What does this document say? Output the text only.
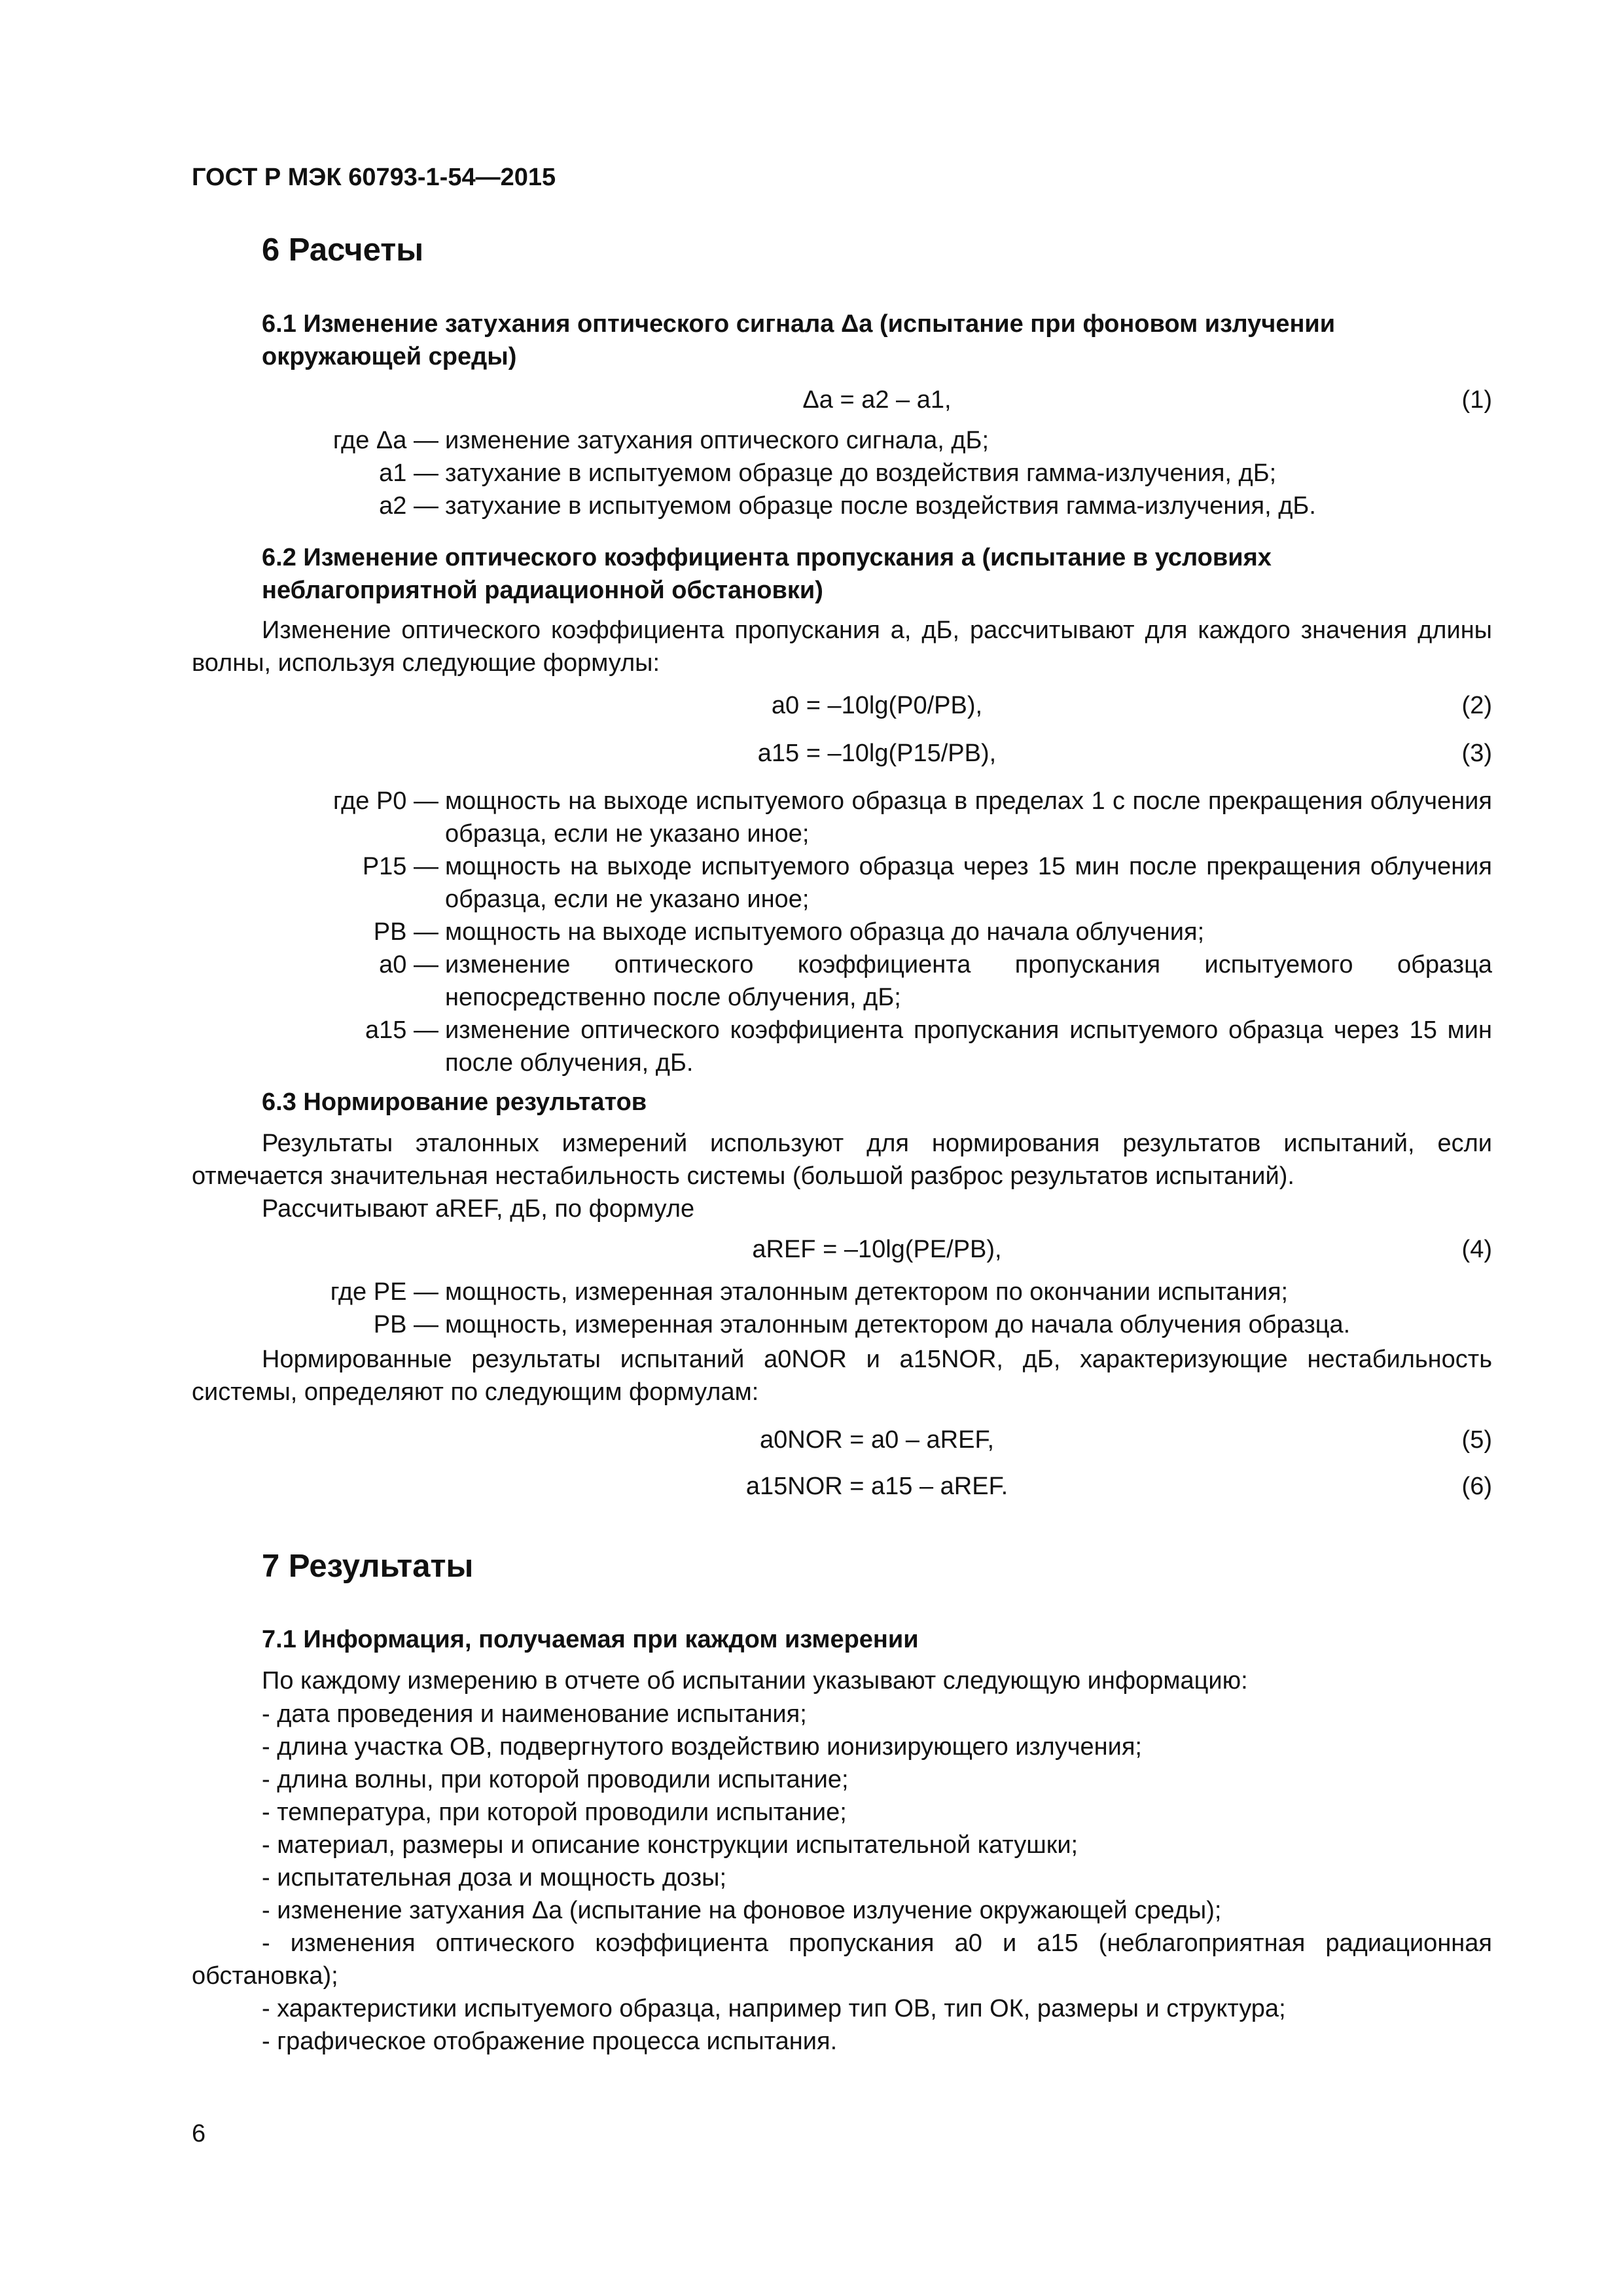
ГОСТ Р МЭК 60793-1-54—2015
6 Расчеты
6.1 Изменение затухания оптического сигнала Δa (испытание при фоновом излучении окружающей среды)
Δa = a2 – a1,	(1)
где Δa — изменение затухания оптического сигнала, дБ;
a1 — затухание в испытуемом образце до воздействия гамма-излучения, дБ;
a2 — затухание в испытуемом образце после воздействия гамма-излучения, дБ.
6.2 Изменение оптического коэффициента пропускания a (испытание в условиях неблагоприятной радиационной обстановки)
Изменение оптического коэффициента пропускания a, дБ, рассчитывают для каждого значения длины волны, используя следующие формулы:
a0 = –10lg(P0/PB),	(2)
a15 = –10lg(P15/PB),	(3)
где P0 — мощность на выходе испытуемого образца в пределах 1 с после прекращения облучения образца, если не указано иное;
P15 — мощность на выходе испытуемого образца через 15 мин после прекращения облучения образца, если не указано иное;
PB — мощность на выходе испытуемого образца до начала облучения;
a0 — изменение оптического коэффициента пропускания испытуемого образца непосредственно после облучения, дБ;
a15 — изменение оптического коэффициента пропускания испытуемого образца через 15 мин после облучения, дБ.
6.3 Нормирование результатов
Результаты эталонных измерений используют для нормирования результатов испытаний, если отмечается значительная нестабильность системы (большой разброс результатов испытаний).
Рассчитывают aREF, дБ, по формуле
aREF = –10lg(PE/PB),	(4)
где PE — мощность, измеренная эталонным детектором по окончании испытания;
PB — мощность, измеренная эталонным детектором до начала облучения образца.
Нормированные результаты испытаний a0NOR и a15NOR, дБ, характеризующие нестабильность системы, определяют по следующим формулам:
a0NOR = a0 – aREF,	(5)
a15NOR = a15 – aREF.	(6)
7 Результаты
7.1 Информация, получаемая при каждом измерении
По каждому измерению в отчете об испытании указывают следующую информацию:
- дата проведения и наименование испытания;
- длина участка ОВ, подвергнутого воздействию ионизирующего излучения;
- длина волны, при которой проводили испытание;
- температура, при которой проводили испытание;
- материал, размеры и описание конструкции испытательной катушки;
- испытательная доза и мощность дозы;
- изменение затухания Δa (испытание на фоновое излучение окружающей среды);
- изменения оптического коэффициента пропускания a0 и a15 (неблагоприятная радиационная обстановка);
- характеристики испытуемого образца, например тип ОВ, тип ОК, размеры и структура;
- графическое отображение процесса испытания.
6
